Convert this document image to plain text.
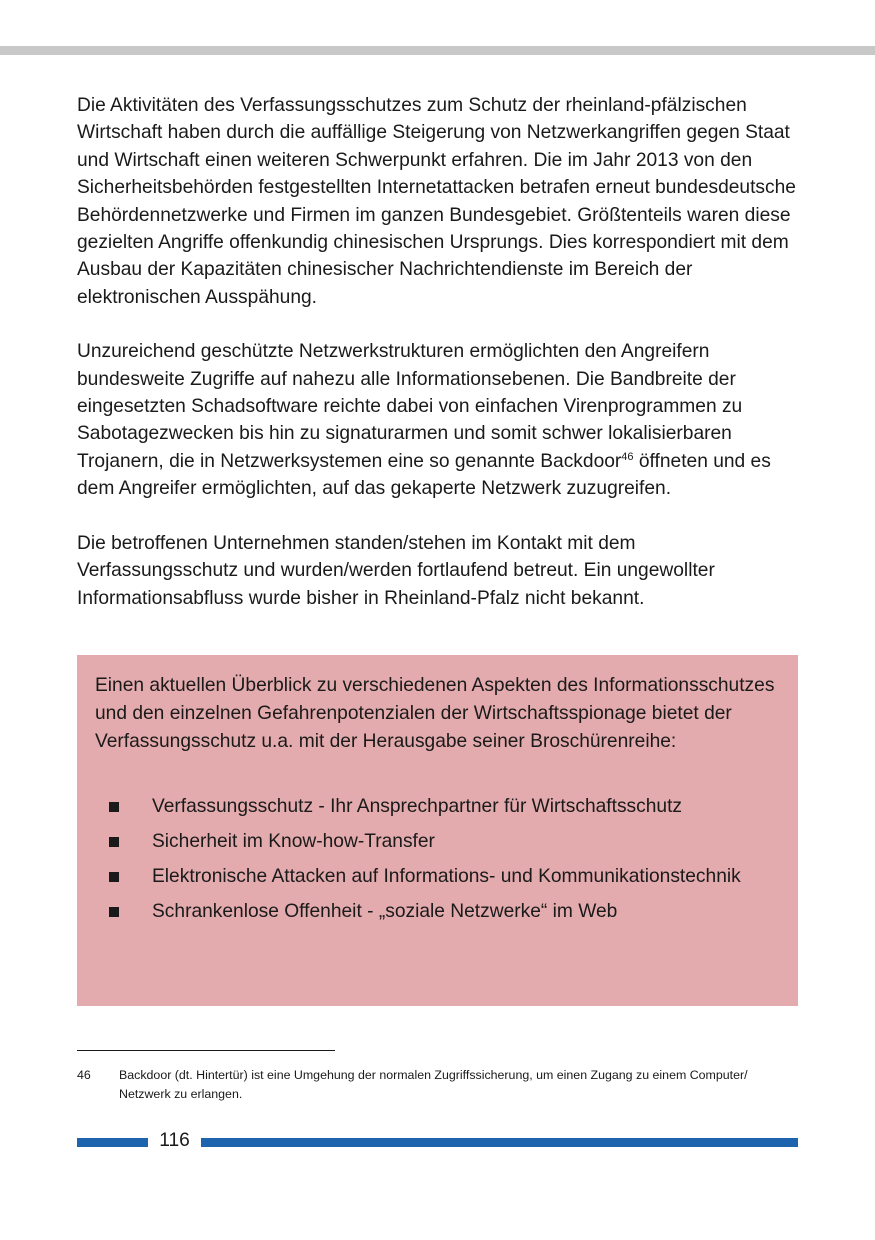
Die Aktivitäten des Verfassungsschutzes zum Schutz der rheinland-pfälzischen Wirtschaft haben durch die auffällige Steigerung von Netzwerkangriffen gegen Staat und Wirtschaft einen weiteren Schwerpunkt erfahren. Die im Jahr 2013 von den Sicherheitsbehörden festgestellten Internetattacken betrafen erneut bundesdeutsche Behördennetzwerke und Firmen im ganzen Bundesgebiet. Größtenteils waren diese gezielten Angriffe offenkundig chinesischen Ursprungs. Dies korrespondiert mit dem Ausbau der Kapazitäten chinesischer Nachrichtendienste im Bereich der elektronischen Ausspähung.

Unzureichend geschützte Netzwerkstrukturen ermöglichten den Angreifern bundesweite Zugriffe auf nahezu alle Informationsebenen. Die Bandbreite der eingesetzten Schadsoftware reichte dabei von einfachen Virenprogrammen zu Sabotagezwecken bis hin zu signaturarmen und somit schwer lokalisierbaren Trojanern, die in Netzwerksystemen eine so genannte Backdoor$^{46}$ öffneten und es dem Angreifer ermöglichten, auf das gekaperte Netzwerk zuzugreifen.

Die betroffenen Unternehmen standen/stehen im Kontakt mit dem Verfassungsschutz und wurden/werden fortlaufend betreut. Ein ungewollter Informationsabfluss wurde bisher in Rheinland-Pfalz nicht bekannt.

Einen aktuellen Überblick zu verschiedenen Aspekten des Informationsschutzes und den einzelnen Gefahrenpotenzialen der Wirtschaftsspionage bietet der Verfassungsschutz u.a. mit der Herausgabe seiner Broschürenreihe:

Verfassungsschutz - Ihr Ansprechpartner für Wirtschaftsschutz
Sicherheit im Know-how-Transfer
Elektronische Attacken auf Informations- und Kommunikationstechnik
Schrankenlose Offenheit - „soziale Netzwerke“ im Web
46 Backdoor (dt. Hintertür) ist eine Umgehung der normalen Zugriffssicherung, um einen Zugang zu einem Computer/ Netzwerk zu erlangen.
116
